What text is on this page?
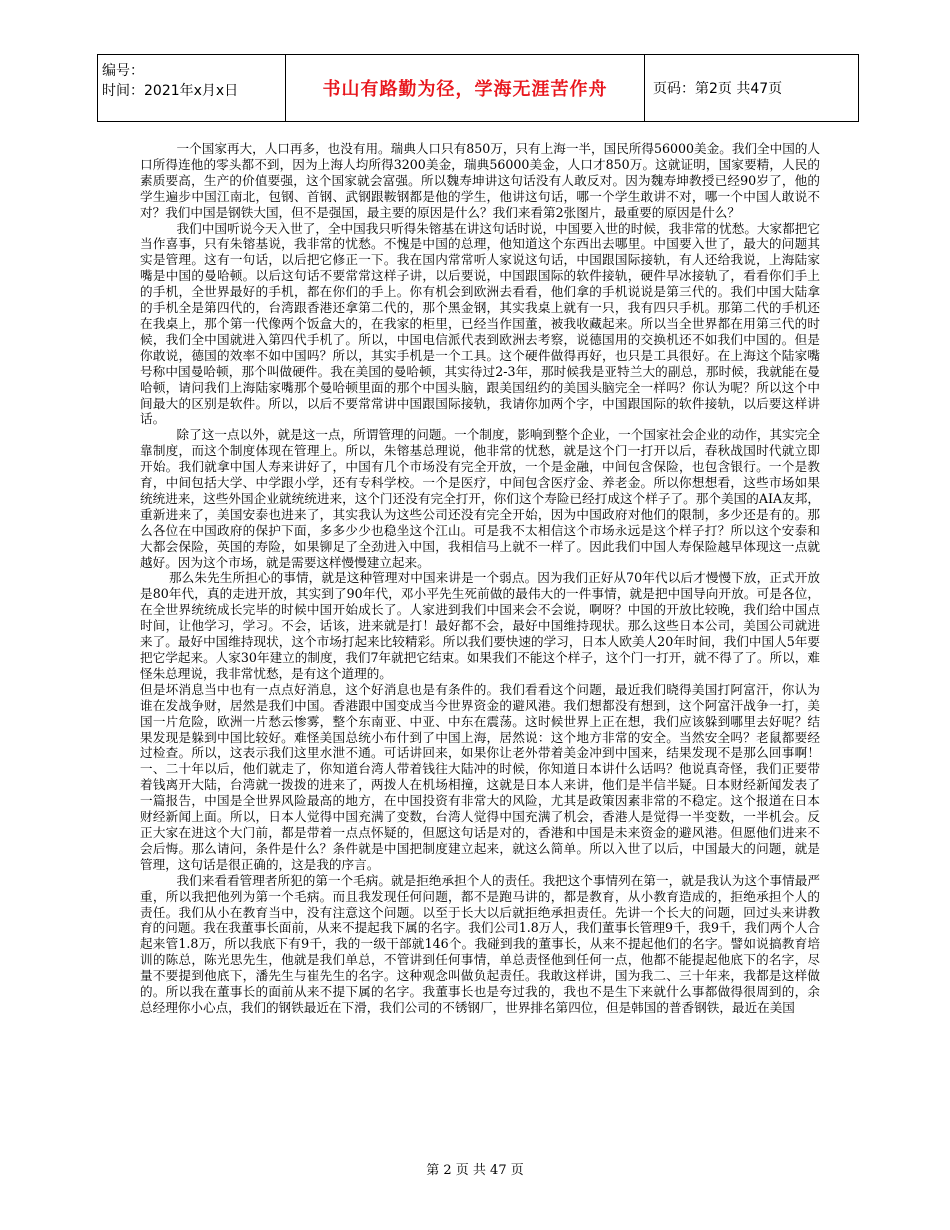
编号：
时间：2021年x月x日	书山有路勤为径，学海无涯苦作舟	页码：第2页 共47页

一个国家再大，人口再多，也没有用。瑞典人口只有850万，只有上海一半，国民所得56000美金。我们全中国的人口所得连他的零头都不到，因为上海人均所得3200美金，瑞典56000美金，人口才850万。这就证明，国家要精，人民的素质要高，生产的价值要强，这个国家就会富强。所以魏寿坤讲这句话没有人敢反对。因为魏寿坤教授已经90岁了，他的学生遍步中国江南北，包钢、首钢、武钢跟鞍钢都是他的学生，他讲这句话，哪一个学生敢讲不对，哪一个中国人敢说不对？我们中国是钢铁大国，但不是强国，最主要的原因是什么？我们来看第2张图片，最重要的原因是什么？

我们中国听说今天入世了，全中国我只听得朱镕基在讲这句话时说，中国要入世的时候，我非常的忧愁。大家都把它当作喜事，只有朱镕基说，我非常的忧愁。不愧是中国的总理，他知道这个东西出去哪里。中国要入世了，最大的问题其实是管理。这有一句话，以后把它修正一下。我在国内常常听人家说这句话，中国跟国际接轨，有人还给我说，上海陆家嘴是中国的曼哈顿。以后这句话不要常常这样子讲，以后要说，中国跟国际的软件接轨，硬件早冰接轨了，看看你们手上的手机，全世界最好的手机，都在你们的手上。你有机会到欧洲去看看，他们拿的手机说说是第三代的。我们中国大陆拿的手机全是第四代的，台湾跟香港还拿第二代的，那个黑金钢，其实我桌上就有一只，我有四只手机。那第二代的手机还在我桌上，那个第一代像两个饭盒大的，在我家的柜里，已经当作国董，被我收藏起来。所以当全世界都在用第三代的时候，我们全中国就进入第四代手机了。所以，中国电信派代表到欧洲去考察，说德国用的交换机还不如我们中国的。但是你敢说，德国的效率不如中国吗？所以，其实手机是一个工具。这个硬件做得再好，也只是工具很好。在上海这个陆家嘴号称中国曼哈顿，那个叫做硬件。我在美国的曼哈顿，其实待过2-3年，那时候我是亚特兰大的副总，那时候，我就能在曼哈顿，请问我们上海陆家嘴那个曼哈顿里面的那个中国头脑，跟美国纽约的美国头脑完全一样吗？你认为呢？所以这个中间最大的区别是软件。所以，以后不要常常讲中国跟国际接轨，我请你加两个字，中国跟国际的软件接轨，以后要这样讲话。

除了这一点以外，就是这一点，所谓管理的问题。一个制度，影响到整个企业，一个国家社会企业的动作，其实完全靠制度，而这个制度体现在管理上。所以，朱镕基总理说，他非常的忧愁，就是这个门一打开以后，春秋战国时代就立即开始。我们就拿中国人寿来讲好了，中国有几个市场没有完全开放，一个是金融，中间包含保险，也包含银行。一个是教育，中间包括大学、中学跟小学，还有专科学校。一个是医疗，中间包含医疗金、养老金。所以你想想看，这些市场如果统统进来，这些外国企业就统统进来，这个门还没有完全打开，你们这个寿险已经打成这个样子了。那个美国的AIA友邦，重新进来了，美国安泰也进来了，其实我认为这些公司还没有完全开始，因为中国政府对他们的限制，多少还是有的。那么各位在中国政府的保护下面，多多少少也稳坐这个江山。可是我不太相信这个市场永远是这个样子打？所以这个安泰和大都会保险，英国的寿险，如果铆足了全劲进入中国，我相信马上就不一样了。因此我们中国人寿保险越早体现这一点就越好。因为这个市场，就是需要这样慢慢建立起来。

那么朱先生所担心的事情，就是这种管理对中国来讲是一个弱点。因为我们正好从70年代以后才慢慢下放，正式开放是80年代，真的走进开放，其实到了90年代，邓小平先生死前做的最伟大的一件事情，就是把中国导向开放。可是各位，在全世界统统成长完毕的时候中国开始成长了。人家进到我们中国来会不会说，啊呀？中国的开放比较晚，我们给中国点时间，让他学习，学习。不会，话该，进来就是打！最好都不会，最好中国维持现状。那么这些日本公司，美国公司就进来了。最好中国维持现状，这个市场打起来比较精彩。所以我们要快速的学习，日本人欧美人20年时间，我们中国人5年要把它学起来。人家30年建立的制度，我们7年就把它结束。如果我们不能这个样子，这个门一打开，就不得了了。所以，难怪朱总理说，我非常忧愁，是有这个道理的。

但是坏消息当中也有一点点好消息，这个好消息也是有条件的。我们看看这个问题，最近我们晓得美国打阿富汗，你认为谁在发战争财，居然是我们中国。香港跟中国变成当今世界资金的避风港。我们想都没有想到，这个阿富汗战争一打，美国一片危险，欧洲一片愁云惨雾，整个东南亚、中亚、中东在震荡。这时候世界上正在想，我们应该躲到哪里去好呢？结果发现是躲到中国比较好。难怪美国总统小布什到了中国上海，居然说：这个地方非常的安全。当然安全吗？老鼠都要经过检查。所以，这表示我们这里水泄不通。可话讲回来，如果你让老外带着美金冲到中国来，结果发现不是那么回事啊！一、二十年以后，他们就走了，你知道台湾人带着钱往大陆冲的时候，你知道日本讲什么话吗？他说真奇怪，我们正要带着钱离开大陆，台湾就一拨拨的进来了，两拨人在机场相撞，这就是日本人来讲，他们是半信半疑。日本财经新闻发表了一篇报告，中国是全世界风险最高的地方，在中国投资有非常大的风险，尤其是政策因素非常的不稳定。这个报道在日本财经新闻上面。所以，日本人觉得中国充满了变数，台湾人觉得中国充满了机会，香港人是觉得一半变数，一半机会。反正大家在进这个大门前，都是带着一点点怀疑的，但愿这句话是对的，香港和中国是未来资金的避风港。但愿他们进来不会后悔。那么请问，条件是什么？条件就是中国把制度建立起来，就这么简单。所以入世了以后，中国最大的问题，就是管理，这句话是很正确的，这是我的序言。

我们来看看管理者所犯的第一个毛病。就是拒绝承担个人的责任。我把这个事情列在第一，就是我认为这个事情最严重，所以我把他列为第一个毛病。而且我发现任何问题，都不是跑马讲的，都是教育，从小教育造成的，拒绝承担个人的责任。我们从小在教育当中，没有注意这个问题。以至于长大以后就拒绝承担责任。先讲一个长大的问题，回过头来讲教育的问题。我在我董事长面前，从来不提起我下属的名字。我们公司1.8万人，我们董事长管理9千，我9千，我们两个人合起来管1.8万，所以我底下有9千，我的一级干部就146个。我碰到我的董事长，从来不提起他们的名字。譬如说搞教育培训的陈总，陈光思先生，他就是我们单总，不管讲到任何事情，单总责怪他到任何一点，他都不能提起他底下的名字，尽量不要提到他底下，潘先生与崔先生的名字。这种观念叫做负起责任。我敢这样讲，国为我二、三十年来，我都是这样做的。所以我在董事长的面前从来不提下属的名字。我董事长也是夸过我的，我也不是生下来就什么事都做得很周到的，余总经理你小心点，我们的钢铁最近在下滑，我们公司的不锈钢厂，世界排名第四位，但是韩国的普香钢铁，最近在美国

第 2 页 共 47 页
